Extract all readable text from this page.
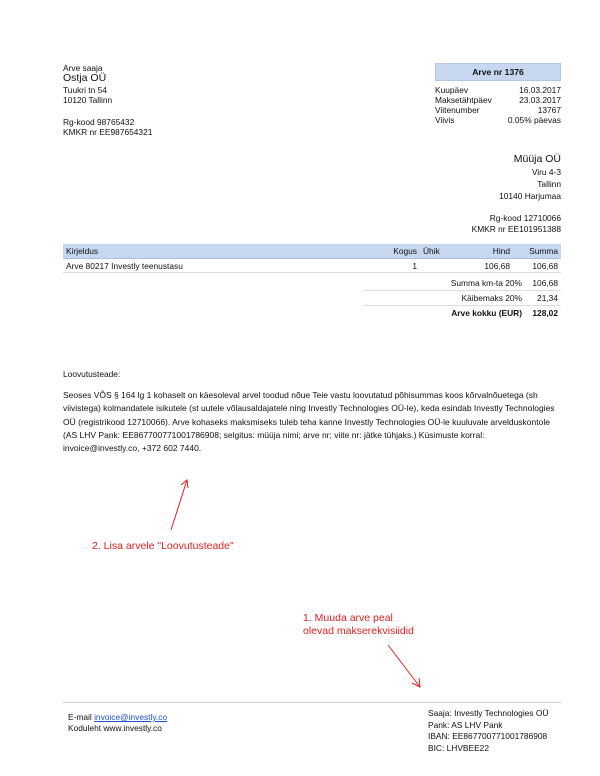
Arve saaja
Ostja OÜ
Tuukri tn 54
10120 Tallinn
Rg-kood 98765432
KMKR nr EE987654321
Arve nr 1376
Kuupäev	16.03.2017
Maksetähtpäev	23.03.2017
Viitenumber	13767
Viivis	0.05% päevas
Müüja OÜ
Viru 4-3
Tallinn
10140 Harjumaa
Rg-kood 12710066
KMKR nr EE101951388
Kirjeldus	Kogus Ühik	Hind	Summa
Arve 80217 Investly teenustasu	1	106,68	106,68
Summa km-ta 20%	106,68
Käibemaks 20%	21,34
Arve kokku (EUR)	128,02
Loovutusteade:
Seoses VÕS § 164 lg 1 kohaselt on käesoleval arvel toodud nõue Teie vastu loovutatud põhisummas koos kõrvalnõuetega (sh viivistega) kolmandatele isikutele (st uutele võlausaldajatele ning Investly Technologies OÜ-le), keda esindab Investly Technologies OÜ (registrikood 12710066). Arve kohaseks maksmiseks tuleb teha kanne Investly Technologies OÜ-le kuuluvale arvelduskontole (AS LHV Pank: EE867700771001786908; selgitus: müüja nimi; arve nr; viite nr: jätke tühjaks.) Küsimuste korral: invoice@investly.co, +372 602 7440.
2. Lisa arvele "Loovutusteade"
1. Muuda arve peal
olevad makserekvisiidid
E-mail invoice@investly.co
Koduleht www.investly.co
Saaja: Investly Technologies OÜ
Pank: AS LHV Pank
IBAN: EE867700771001786908
BIC: LHVBEE22
